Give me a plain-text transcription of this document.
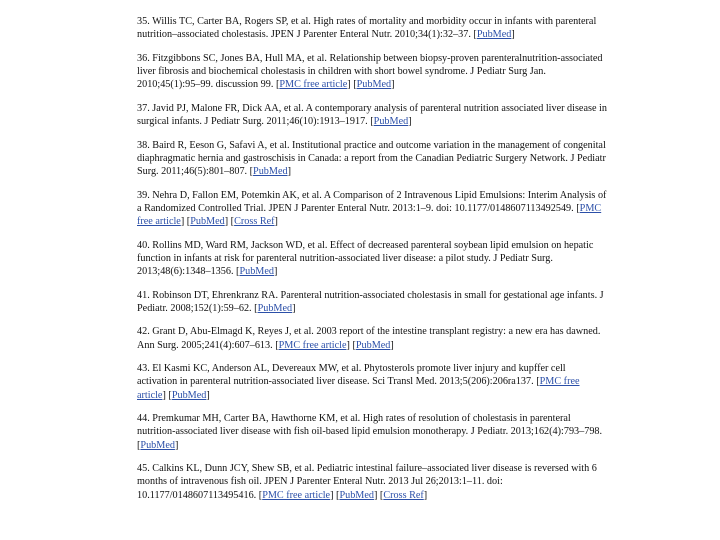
35. Willis TC, Carter BA, Rogers SP, et al. High rates of mortality and morbidity occur in infants with parenteral nutrition–associated cholestasis. JPEN J Parenter Enteral Nutr. 2010;34(1):32–37. [PubMed]

36. Fitzgibbons SC, Jones BA, Hull MA, et al. Relationship between biopsy-proven parenteralnutrition-associated liver fibrosis and biochemical cholestasis in children with short bowel syndrome. J Pediatr Surg Jan. 2010;45(1):95–99. discussion 99. [PMC free article] [PubMed]

37. Javid PJ, Malone FR, Dick AA, et al. A contemporary analysis of parenteral nutrition associated liver disease in surgical infants. J Pediatr Surg. 2011;46(10):1913–1917. [PubMed]

38. Baird R, Eeson G, Safavi A, et al. Institutional practice and outcome variation in the management of congenital diaphragmatic hernia and gastroschisis in Canada: a report from the Canadian Pediatric Surgery Network. J Pediatr Surg. 2011;46(5):801–807. [PubMed]

39. Nehra D, Fallon EM, Potemkin AK, et al. A Comparison of 2 Intravenous Lipid Emulsions: Interim Analysis of a Randomized Controlled Trial. JPEN J Parenter Enteral Nutr. 2013:1–9. doi: 10.1177/0148607113492549. [PMC free article] [PubMed] [Cross Ref]

40. Rollins MD, Ward RM, Jackson WD, et al. Effect of decreased parenteral soybean lipid emulsion on hepatic function in infants at risk for parenteral nutrition-associated liver disease: a pilot study. J Pediatr Surg. 2013;48(6):1348–1356. [PubMed]

41. Robinson DT, Ehrenkranz RA. Parenteral nutrition-associated cholestasis in small for gestational age infants. J Pediatr. 2008;152(1):59–62. [PubMed]

42. Grant D, Abu-Elmagd K, Reyes J, et al. 2003 report of the intestine transplant registry: a new era has dawned. Ann Surg. 2005;241(4):607–613. [PMC free article] [PubMed]

43. El Kasmi KC, Anderson AL, Devereaux MW, et al. Phytosterols promote liver injury and kupffer cell activation in parenteral nutrition-associated liver disease. Sci Transl Med. 2013;5(206):206ra137. [PMC free article] [PubMed]

44. Premkumar MH, Carter BA, Hawthorne KM, et al. High rates of resolution of cholestasis in parenteral nutrition-associated liver disease with fish oil-based lipid emulsion monotherapy. J Pediatr. 2013;162(4):793–798. [PubMed]

45. Calkins KL, Dunn JCY, Shew SB, et al. Pediatric intestinal failure–associated liver disease is reversed with 6 months of intravenous fish oil. JPEN J Parenter Enteral Nutr. 2013 Jul 26;2013:1–11. doi: 10.1177/0148607113495416. [PMC free article] [PubMed] [Cross Ref]
